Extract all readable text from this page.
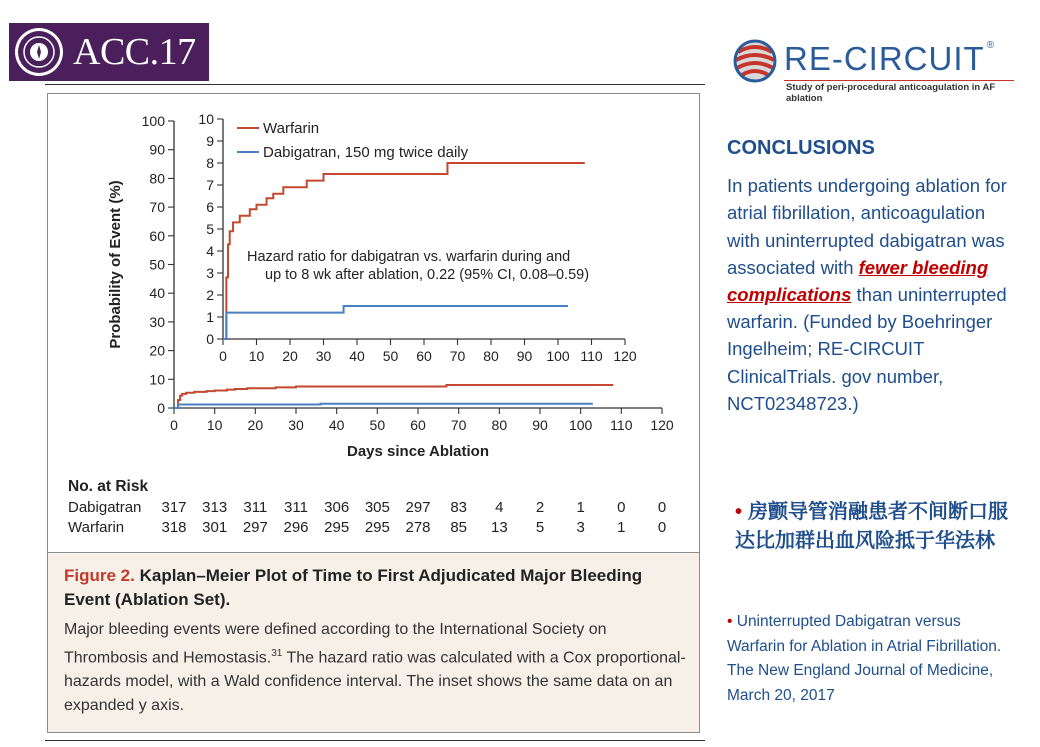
ACC.17	RE-CIRCUIT ®
Study of peri-procedural anticoagulation in AF ablation
0
10
20
30
40
50
60
70
80
90
100
0 10 20 30 40 50 60 70 80 90 100 110 120
Days since Ablation
Probability of Event (%)	0
1
2
3
4
5
6
7
8
9
10
0 10 20 30 40 50 60 70 80 90 100 110 120
Warfarin
Dabigatran, 150 mg twice daily
Hazard ratio for dabigatran vs. warfarin during and
up to 8 wk after ablation, 0.22 (95% CI, 0.08–0.59)
No. at Risk
Dabigatran 317 313 311 311 306 305 297 83 4 2 1 0 0
Warfarin 318 301 297 296 295 295 278 85 13 5 3 1 0
Figure 2. Kaplan–Meier Plot of Time to First Adjudicated Major Bleeding Event (Ablation Set).
Major bleeding events were defined according to the International Society on Thrombosis and Hemostasis.$^{31}$ The hazard ratio was calculated with a Cox proportional-hazards model, with a Wald confidence interval. The inset shows the same data on an expanded y axis.
CONCLUSIONS
In patients undergoing ablation for atrial fibrillation, anticoagulation with uninterrupted dabigatran was associated with fewer bleeding complications than uninterrupted warfarin. (Funded by Boehringer Ingelheim; RE-CIRCUIT ClinicalTrials. gov number, NCT02348723.)
• 房颤导管消融患者不间断口服达比加群出血风险抵于华法林
• Uninterrupted Dabigatran versus Warfarin for Ablation in Atrial Fibrillation. The New England Journal of Medicine, March 20, 2017
